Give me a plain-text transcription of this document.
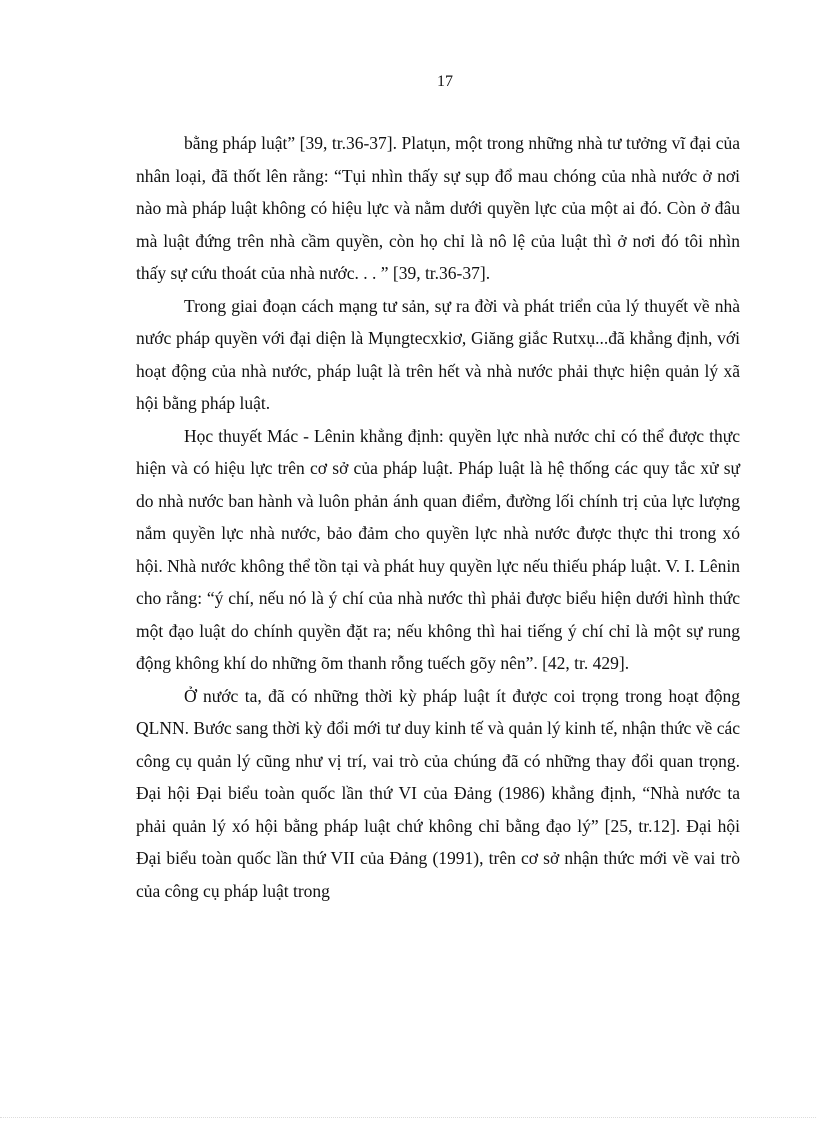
17

bằng pháp luật” [39, tr.36-37]. Platụn, một trong những nhà tư tưởng vĩ đại của nhân loại, đã thốt lên rằng: “Tụi nhìn thấy sự sụp đổ mau chóng của nhà nước ở nơi nào mà pháp luật không có hiệu lực và nằm dưới quyền lực của một ai đó. Còn ở đâu mà luật đứng trên nhà cầm quyền, còn họ chỉ là nô lệ của luật thì ở nơi đó tôi nhìn thấy sự cứu thoát của nhà nước. . . ” [39, tr.36-37].

Trong giai đoạn cách mạng tư sản, sự ra đời và phát triển của lý thuyết về nhà nước pháp quyền với đại diện là Mụngtecxkiơ, Giăng giắc Rutxụ...đã khẳng định, với hoạt động của nhà nước, pháp luật là trên hết và nhà nước phải thực hiện quản lý xã hội bằng pháp luật.

Học thuyết Mác - Lênin khẳng định: quyền lực nhà nước chỉ có thể được thực hiện và có hiệu lực trên cơ sở của pháp luật. Pháp luật là hệ thống các quy tắc xử sự do nhà nước ban hành và luôn phản ánh quan điểm, đường lối chính trị của lực lượng nắm quyền lực nhà nước, bảo đảm cho quyền lực nhà nước được thực thi trong xó hội. Nhà nước không thể tồn tại và phát huy quyền lực nếu thiếu pháp luật. V. I. Lênin cho rằng: “ý chí, nếu nó là ý chí của nhà nước thì phải được biểu hiện dưới hình thức một đạo luật do chính quyền đặt ra; nếu không thì hai tiếng ý chí chỉ là một sự rung động không khí do những õm thanh rỗng tuếch gõy nên”. [42, tr. 429].

Ở nước ta, đã có những thời kỳ pháp luật ít được coi trọng trong hoạt động QLNN. Bước sang thời kỳ đổi mới tư duy kinh tế và quản lý kinh tế, nhận thức về các công cụ quản lý cũng như vị trí, vai trò của chúng đã có những thay đổi quan trọng. Đại hội Đại biểu toàn quốc lần thứ VI của Đảng (1986) khẳng định, “Nhà nước ta phải quản lý xó hội bằng pháp luật chứ không chỉ bằng đạo lý” [25, tr.12]. Đại hội Đại biểu toàn quốc lần thứ VII của Đảng (1991), trên cơ sở nhận thức mới về vai trò của công cụ pháp luật trong
